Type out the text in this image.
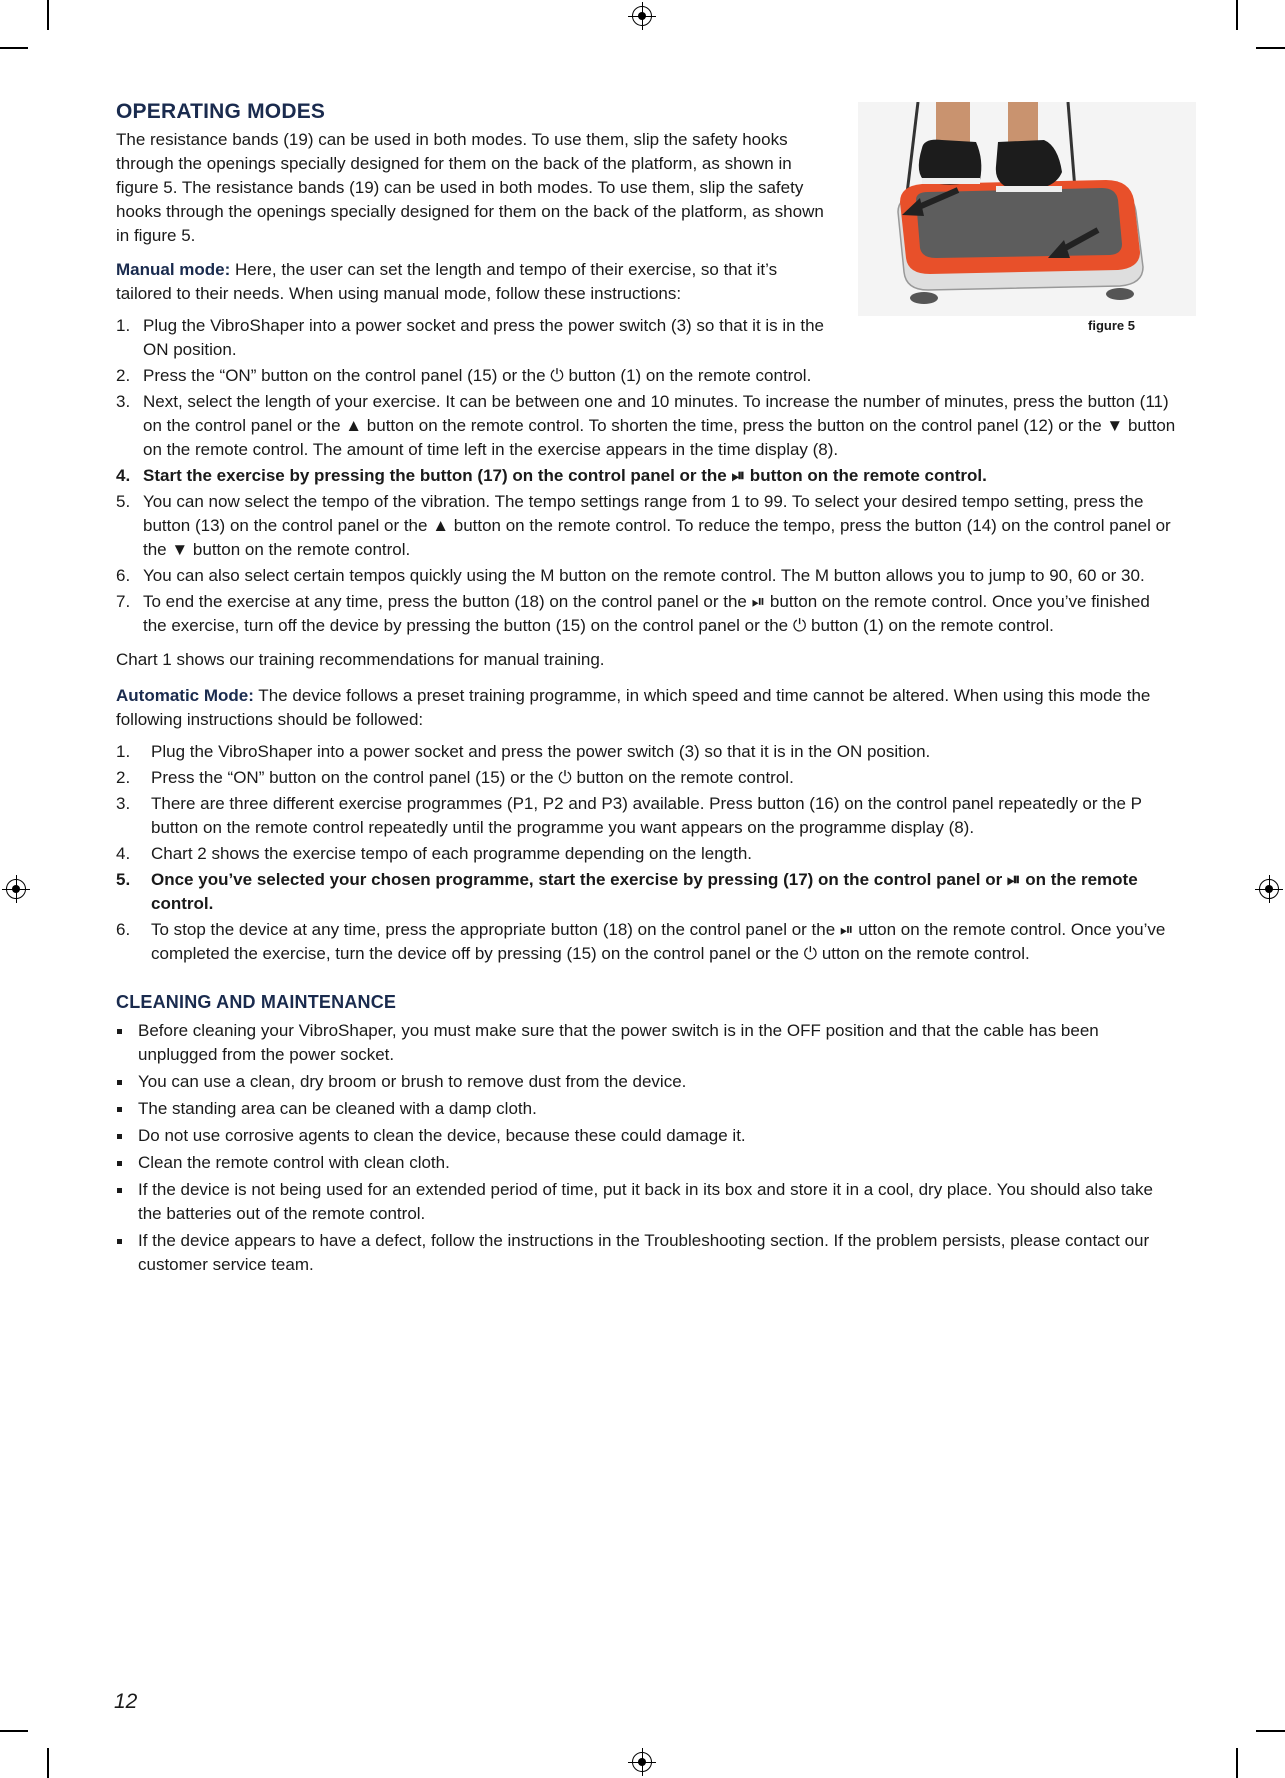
figure 5
OPERATING MODES

The resistance bands (19) can be used in both modes. To use them, slip the safety hooks through the openings specially designed for them on the back of the platform, as shown in figure 5. The resistance bands (19) can be used in both modes. To use them, slip the safety hooks through the openings specially designed for them on the back of the platform, as shown in figure 5.

Manual mode: Here, the user can set the length and tempo of their exercise, so that it’s tailored to their needs. When using manual mode, follow these instructions:

1. Plug the VibroShaper into a power socket and press the power switch (3) so that it is in the ON position.
2. Press the “ON” button on the control panel (15) or the ⏻ button (1) on the remote control.
3. Next, select the length of your exercise. It can be between one and 10 minutes. To increase the number of minutes, press the button (11) on the control panel or the ▲ button on the remote control. To shorten the time, press the button on the control panel (12) or the ▼ button on the remote control. The amount of time left in the exercise appears in the time display (8).
4. Start the exercise by pressing the button (17) on the control panel or the ⏯ button on the remote control.
5. You can now select the tempo of the vibration. The tempo settings range from 1 to 99. To select your desired tempo setting, press the button (13) on the control panel or the ▲ button on the remote control. To reduce the tempo, press the button (14) on the control panel or the ▼ button on the remote control.
6. You can also select certain tempos quickly using the M button on the remote control. The M button allows you to jump to 90, 60 or 30.
7. To end the exercise at any time, press the button (18) on the control panel or the ⏯ button on the remote control. Once you’ve finished the exercise, turn off the device by pressing the button (15) on the control panel or the ⏻ button (1) on the remote control.

Chart 1 shows our training recommendations for manual training.

Automatic Mode: The device follows a preset training programme, in which speed and time cannot be altered. When using this mode the following instructions should be followed:

1. Plug the VibroShaper into a power socket and press the power switch (3) so that it is in the ON position.
2. Press the “ON” button on the control panel (15) or the ⏻ button on the remote control.
3. There are three different exercise programmes (P1, P2 and P3) available. Press button (16) on the control panel repeatedly or the P button on the remote control repeatedly until the programme you want appears on the programme display (8).
4. Chart 2 shows the exercise tempo of each programme depending on the length.
5. Once you’ve selected your chosen programme, start the exercise by pressing (17) on the control panel or ⏯ on the remote control.
6. To stop the device at any time, press the appropriate button (18) on the control panel or the ⏯ utton on the remote control. Once you’ve completed the exercise, turn the device off by pressing (15) on the control panel or the ⏻ utton on the remote control.
CLEANING AND MAINTENANCE
Before cleaning your VibroShaper, you must make sure that the power switch is in the OFF position and that the cable has been unplugged from the power socket.
You can use a clean, dry broom or brush to remove dust from the device.
The standing area can be cleaned with a damp cloth.
Do not use corrosive agents to clean the device, because these could damage it.
Clean the remote control with clean cloth.
If the device is not being used for an extended period of time, put it back in its box and store it in a cool, dry place. You should also take the batteries out of the remote control.
If the device appears to have a defect, follow the instructions in the Troubleshooting section. If the problem persists, please contact our customer service team.
12
